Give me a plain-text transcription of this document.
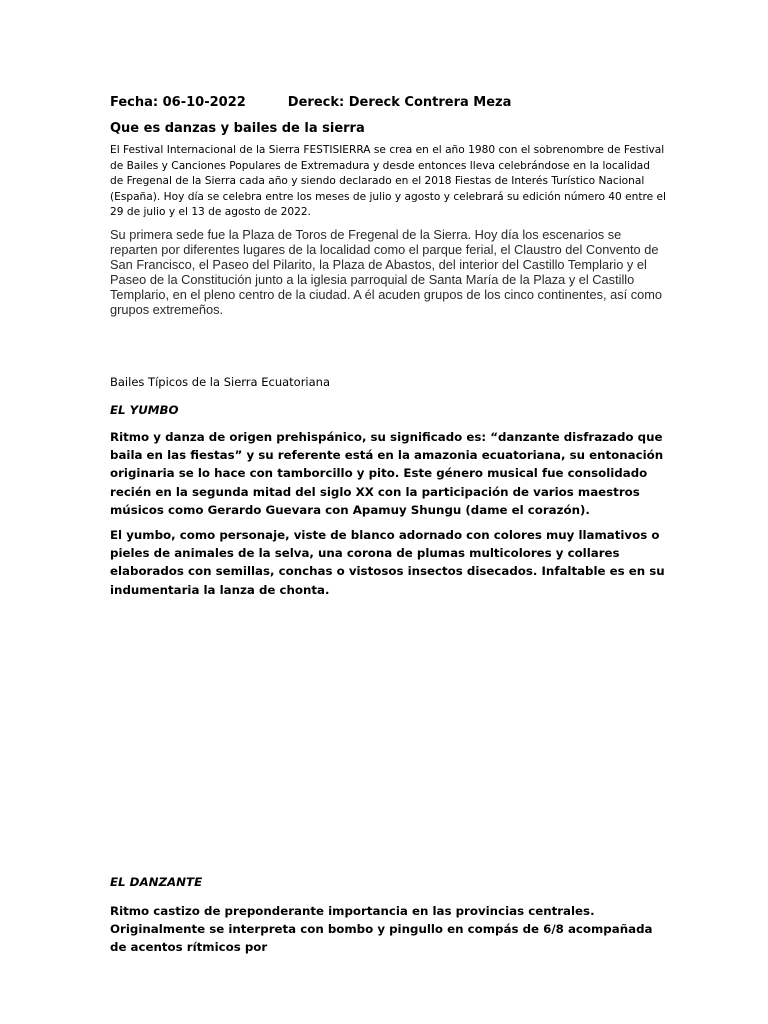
Fecha: 06-10-2022	Dereck: Dereck Contrera Meza
Que es danzas y bailes de la sierra

El Festival Internacional de la Sierra FESTISIERRA se crea en el año 1980 con el sobrenombre de Festival de Bailes y Canciones Populares de Extremadura y desde entonces lleva celebrándose en la localidad de Fregenal de la Sierra cada año y siendo declarado en el 2018 Fiestas de Interés Turístico Nacional (España). Hoy día se celebra entre los meses de julio y agosto y celebrará su edición número 40 entre el 29 de julio y el 13 de agosto de 2022.

Su primera sede fue la Plaza de Toros de Fregenal de la Sierra. Hoy día los escenarios se reparten por diferentes lugares de la localidad como el parque ferial, el Claustro del Convento de San Francisco, el Paseo del Pilarito, la Plaza de Abastos, del interior del Castillo Templario y el Paseo de la Constitución junto a la iglesia parroquial de Santa María de la Plaza y el Castillo Templario, en el pleno centro de la ciudad. A él acuden grupos de los cinco continentes, así como grupos extremeños.

Bailes Típicos de la Sierra Ecuatoriana
EL YUMBO

Ritmo y danza de origen prehispánico, su significado es: “danzante disfrazado que baila en las fiestas” y su referente está en la amazonia ecuatoriana, su entonación originaria se lo hace con tamborcillo y pito. Este género musical fue consolidado recién en la segunda mitad del siglo XX con la participación de varios maestros músicos como Gerardo Guevara con Apamuy Shungu (dame el corazón).

El yumbo, como personaje, viste de blanco adornado con colores muy llamativos o pieles de animales de la selva, una corona de plumas multicolores y collares elaborados con semillas, conchas o vistosos insectos disecados. Infaltable es en su indumentaria la lanza de chonta.

EL DANZANTE

Ritmo castizo de preponderante importancia en las provincias centrales. Originalmente se interpreta con bombo y pingullo en compás de 6/8 acompañada de acentos rítmicos por
